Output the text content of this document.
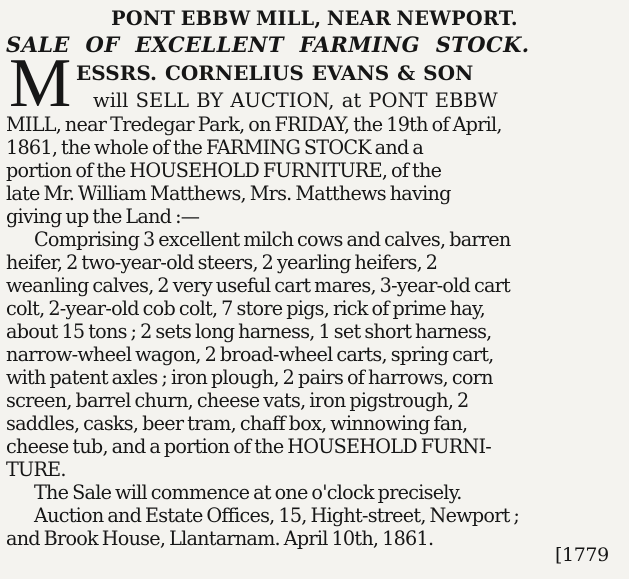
PONT EBBW MILL, NEAR NEWPORT.
SALE OF EXCELLENT FARMING STOCK.
M ESSRS. CORNELIUS EVANS & SON
will SELL BY AUCTION, at PONT EBBW
MILL, near Tredegar Park, on FRIDAY, the 19th of April,
1861, the whole of the FARMING STOCK and a
portion of the HOUSEHOLD FURNITURE, of the
late Mr. William Matthews, Mrs. Matthews having
giving up the Land :—
Comprising 3 excellent milch cows and calves, barren
heifer, 2 two-year-old steers, 2 yearling heifers, 2
weanling calves, 2 very useful cart mares, 3-year-old cart
colt, 2-year-old cob colt, 7 store pigs, rick of prime hay,
about 15 tons ; 2 sets long harness, 1 set short harness,
narrow-wheel wagon, 2 broad-wheel carts, spring cart,
with patent axles ; iron plough, 2 pairs of harrows, corn
screen, barrel churn, cheese vats, iron pigstrough, 2
saddles, casks, beer tram, chaff box, winnowing fan,
cheese tub, and a portion of the HOUSEHOLD FURNI-
TURE.
The Sale will commence at one o'clock precisely.
Auction and Estate Offices, 15, Hight-street, Newport ;
and Brook House, Llantarnam. April 10th, 1861.
[1779
